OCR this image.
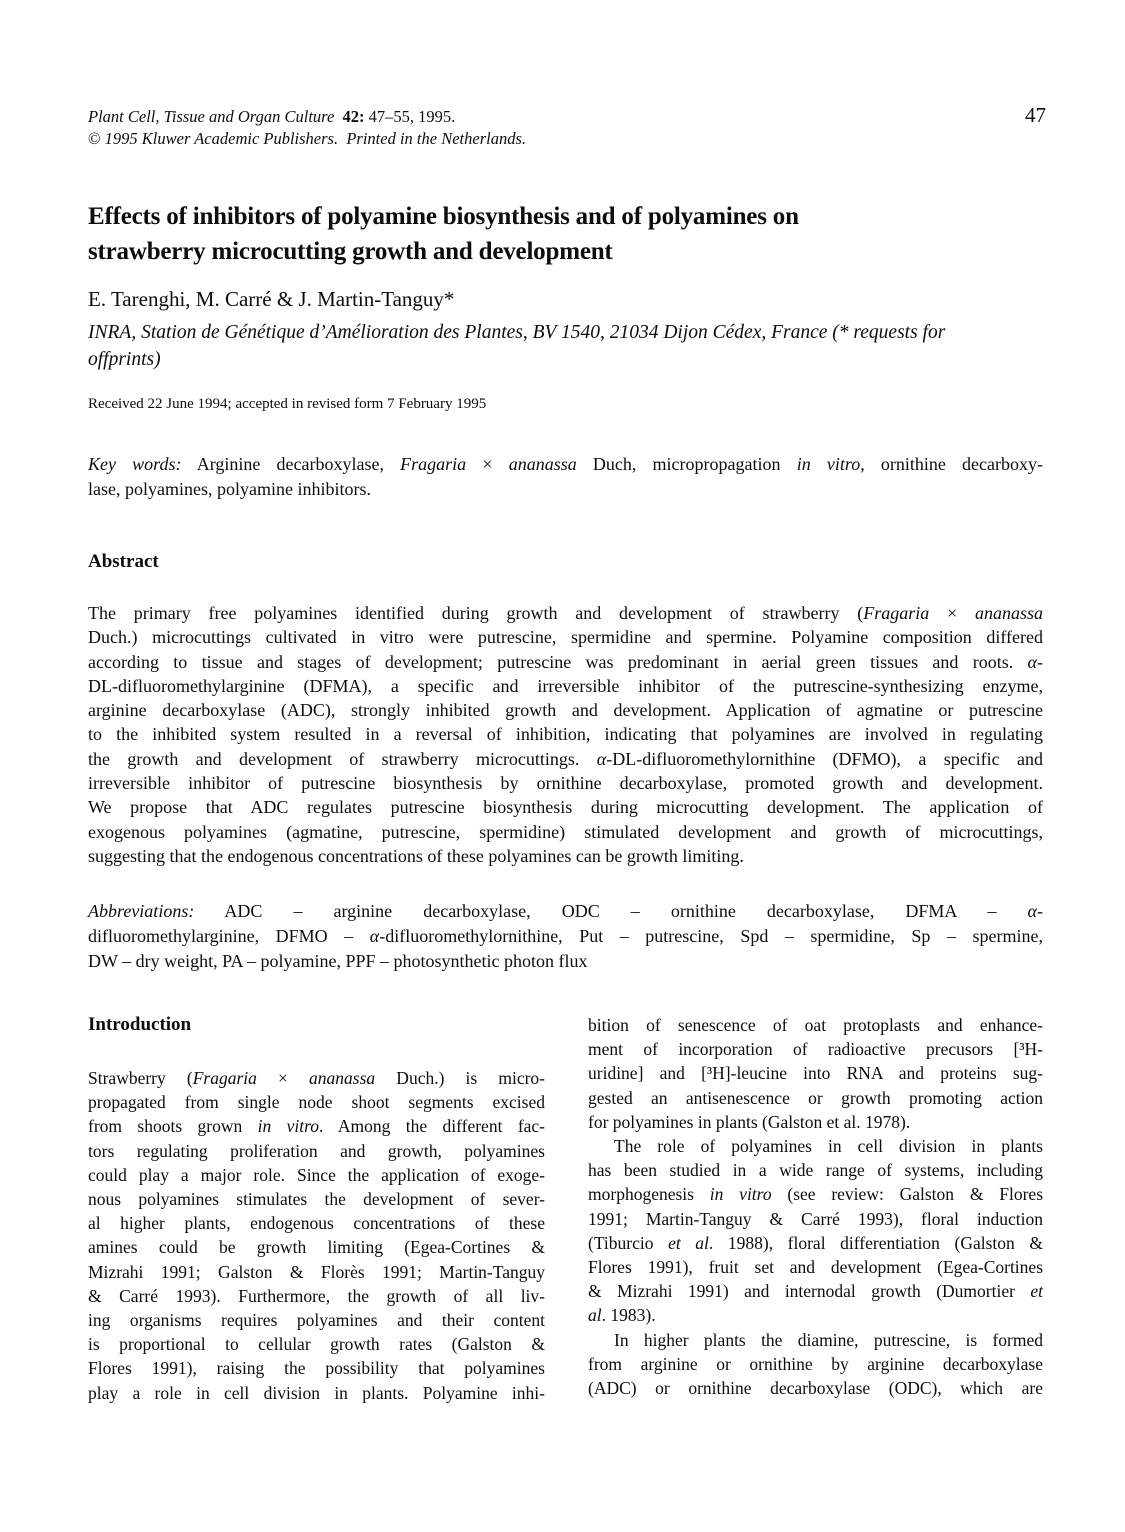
Plant Cell, Tissue and Organ Culture 42: 47–55, 1995.
© 1995 Kluwer Academic Publishers.  Printed in the Netherlands.
47
Effects of inhibitors of polyamine biosynthesis and of polyamines on
strawberry microcutting growth and development
E. Tarenghi, M. Carré & J. Martin-Tanguy*
INRA, Station de Génétique d’Amélioration des Plantes, BV 1540, 21034 Dijon Cédex, France (* requests for
offprints)
Received 22 June 1994; accepted in revised form 7 February 1995
Key words: Arginine decarboxylase, Fragaria × ananassa Duch, micropropagation in vitro, ornithine decarboxy-
lase, polyamines, polyamine inhibitors.
Abstract
The primary free polyamines identified during growth and development of strawberry (Fragaria × ananassa
Duch.) microcuttings cultivated in vitro were putrescine, spermidine and spermine. Polyamine composition differed
according to tissue and stages of development; putrescine was predominant in aerial green tissues and roots. α-
DL-difluoromethylarginine (DFMA), a specific and irreversible inhibitor of the putrescine-synthesizing enzyme,
arginine decarboxylase (ADC), strongly inhibited growth and development. Application of agmatine or putrescine
to the inhibited system resulted in a reversal of inhibition, indicating that polyamines are involved in regulating
the growth and development of strawberry microcuttings. α-DL-difluoromethylornithine (DFMO), a specific and
irreversible inhibitor of putrescine biosynthesis by ornithine decarboxylase, promoted growth and development.
We propose that ADC regulates putrescine biosynthesis during microcutting development. The application of
exogenous polyamines (agmatine, putrescine, spermidine) stimulated development and growth of microcuttings,
suggesting that the endogenous concentrations of these polyamines can be growth limiting.
Abbreviations: ADC – arginine decarboxylase, ODC – ornithine decarboxylase, DFMA – α-
difluoromethylarginine, DFMO – α-difluoromethylornithine, Put – putrescine, Spd – spermidine, Sp – spermine,
DW – dry weight, PA – polyamine, PPF – photosynthetic photon flux
Introduction
Strawberry (Fragaria × ananassa Duch.) is micro-
propagated from single node shoot segments excised
from shoots grown in vitro. Among the different fac-
tors regulating proliferation and growth, polyamines
could play a major role. Since the application of exoge-
nous polyamines stimulates the development of sever-
al higher plants, endogenous concentrations of these
amines could be growth limiting (Egea-Cortines &
Mizrahi 1991; Galston & Florès 1991; Martin-Tanguy
& Carré 1993). Furthermore, the growth of all liv-
ing organisms requires polyamines and their content
is proportional to cellular growth rates (Galston &
Flores 1991), raising the possibility that polyamines
play a role in cell division in plants. Polyamine inhi-
bition of senescence of oat protoplasts and enhance-
ment of incorporation of radioactive precusors [³H-
uridine] and [³H]-leucine into RNA and proteins sug-
gested an antisenescence or growth promoting action
for polyamines in plants (Galston et al. 1978).
The role of polyamines in cell division in plants
has been studied in a wide range of systems, including
morphogenesis in vitro (see review: Galston & Flores
1991; Martin-Tanguy & Carré 1993), floral induction
(Tiburcio et al. 1988), floral differentiation (Galston &
Flores 1991), fruit set and development (Egea-Cortines
& Mizrahi 1991) and internodal growth (Dumortier et
al. 1983).
In higher plants the diamine, putrescine, is formed
from arginine or ornithine by arginine decarboxylase
(ADC) or ornithine decarboxylase (ODC), which are
